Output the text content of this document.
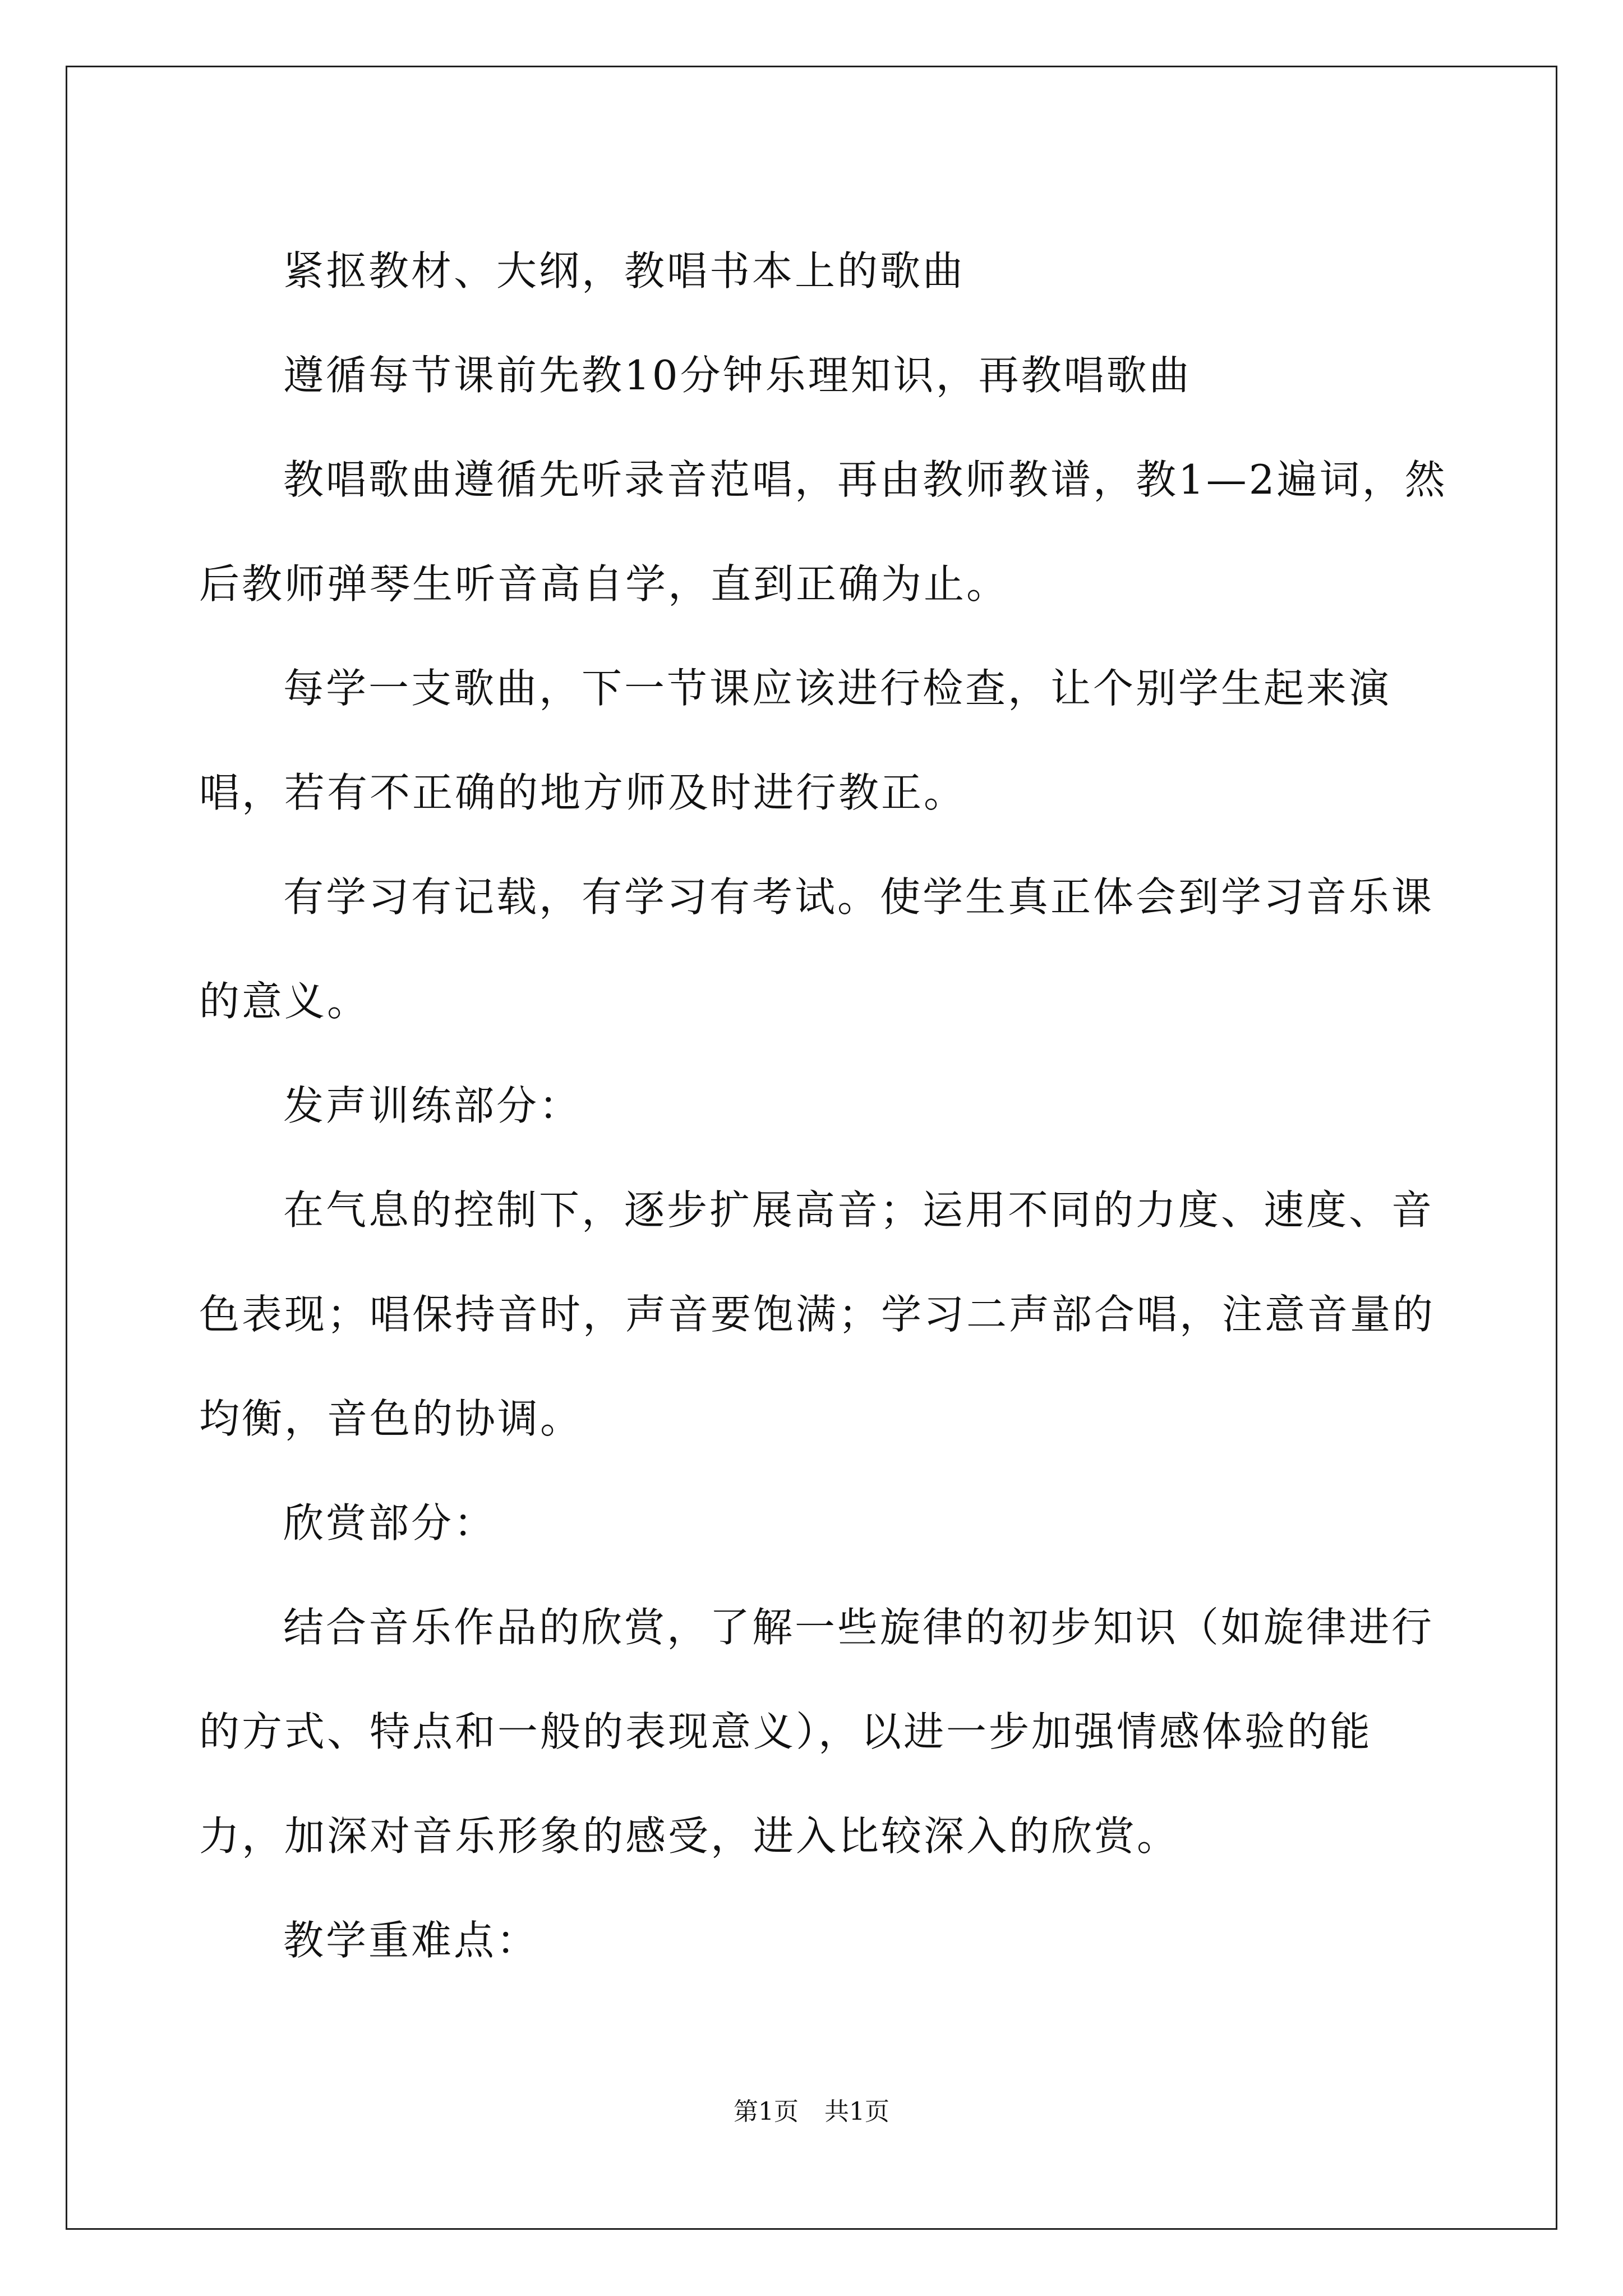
紧抠教材、大纲，教唱书本上的歌曲

遵循每节课前先教10分钟乐理知识，再教唱歌曲

教唱歌曲遵循先听录音范唱，再由教师教谱，教1—2遍词，然后教师弹琴生听音高自学，直到正确为止。

每学一支歌曲，下一节课应该进行检查，让个别学生起来演唱，若有不正确的地方师及时进行教正。

有学习有记载，有学习有考试。使学生真正体会到学习音乐课的意义。

发声训练部分：

在气息的控制下，逐步扩展高音；运用不同的力度、速度、音色表现；唱保持音时，声音要饱满；学习二声部合唱，注意音量的均衡，音色的协调。

欣赏部分：

结合音乐作品的欣赏，了解一些旋律的初步知识（如旋律进行的方式、特点和一般的表现意义），以进一步加强情感体验的能力，加深对音乐形象的感受，进入比较深入的欣赏。

教学重难点：

第1页 共1页
